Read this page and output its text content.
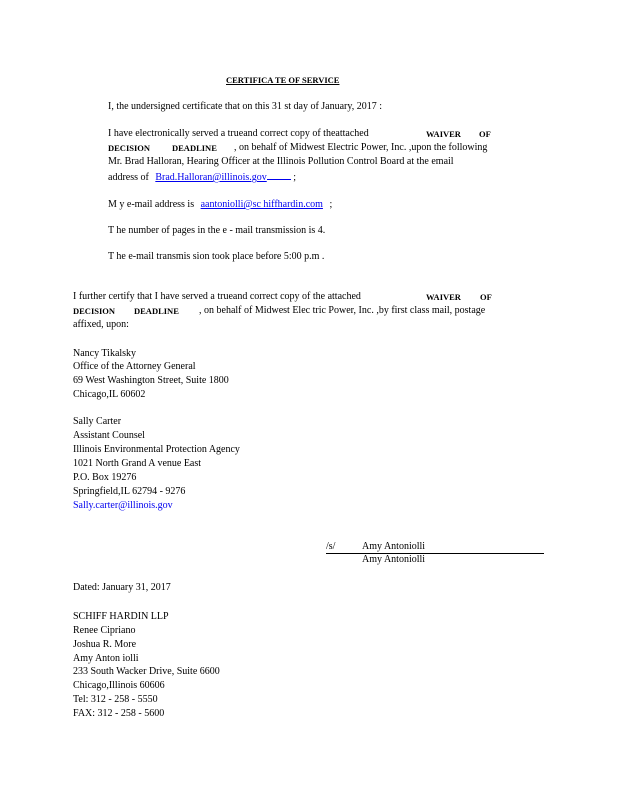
CERTIFICA TE OF SERVICE
I, the undersigned certificate that on this 31 st day of January, 2017 :
I have electronically served a trueand correct copy of theattached	WAIVER OF
DECISION	DEADLINE , on behalf of Midwest Electric Power, Inc. ,upon the following
Mr. Brad Halloran, Hearing Officer at the Illinois Pollution Control Board at the email
address of Brad.Halloran@illinois.gov	;
M y e-mail address is aantoniolli@sc hiffhardin.com ;
T he number of pages in the e - mail transmission is 4.
T he e-mail transmis sion took place before 5:00 p.m .
I further certify that I have served a trueand correct copy of the attached	WAIVER OF
DECISION DEADLINE , on behalf of Midwest Elec tric Power, Inc. ,by first class mail, postage
affixed, upon:
Nancy Tikalsky
Office of the Attorney General
69 West Washington Street, Suite 1800
Chicago,IL 60602
Sally Carter
Assistant Counsel
Illinois Environmental Protection Agency
1021 North Grand A venue East
P.O. Box 19276
Springfield,IL 62794 - 9276
Sally.carter@illinois.gov
/s/	Amy Antoniolli
Amy Antoniolli
Dated: January 31, 2017
SCHIFF HARDIN LLP
Renee Cipriano
Joshua R. More
Amy Anton iolli
233 South Wacker Drive, Suite 6600
Chicago,Illinois 60606
Tel: 312 - 258 - 5550
FAX: 312 - 258 - 5600
